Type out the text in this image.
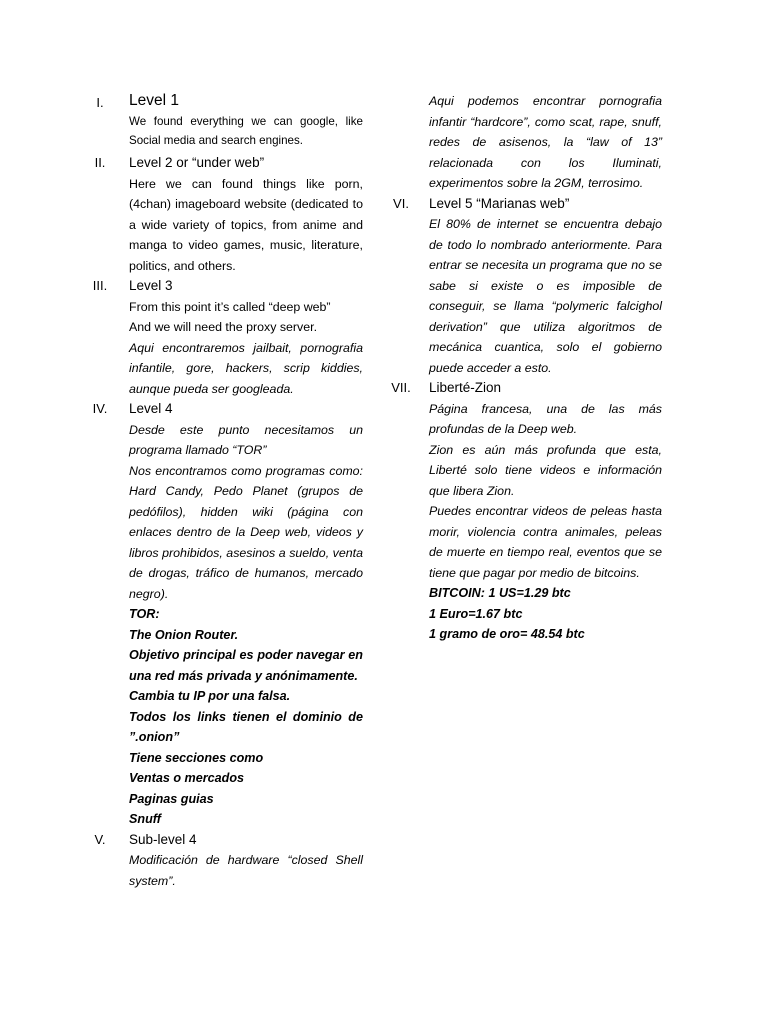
I.	Level 1

We found everything we can google, like Social media and search engines.

II.	Level 2 or “under web”

Here we can found things like porn, (4chan) imageboard website (dedicated to a wide variety of topics, from anime and manga to video games, music, literature, politics, and others.

III.	Level 3

From this point it’s called “deep web”

And we will need the proxy server.

Aqui encontraremos jailbait, pornografia infantile, gore, hackers, scrip kiddies, aunque pueda ser googleada.

IV.	Level 4

Desde este punto necesitamos un programa llamado “TOR”

Nos encontramos como programas como: Hard Candy, Pedo Planet (grupos de pedófilos), hidden wiki (página con enlaces dentro de la Deep web, videos y libros prohibidos, asesinos a sueldo, venta de drogas, tráfico de humanos, mercado negro).

TOR:

The Onion Router.

Objetivo principal es poder navegar en una red más privada y anónimamente.

Cambia tu IP por una falsa.

Todos los links tienen el dominio de ”.onion”

Tiene secciones como

Ventas o mercados

Paginas guias

Snuff

V.	Sub-level 4

Modificación de hardware “closed Shell system”.

Aqui podemos encontrar pornografia infantir “hardcore”, como scat, rape, snuff, redes de asisenos, la “law of 13” relacionada con los Iluminati, experimentos sobre la 2GM, terrosimo.

VI.	Level 5 “Marianas web”

El 80% de internet se encuentra debajo de todo lo nombrado anteriormente. Para entrar se necesita un programa que no se sabe si existe o es imposible de conseguir, se llama “polymeric falcighol derivation” que utiliza algoritmos de mecánica cuantica, solo el gobierno puede acceder a esto.

VII.	Liberté-Zion

Página francesa, una de las más profundas de la Deep web.

Zion es aún más profunda que esta, Liberté solo tiene videos e información que libera Zion.

Puedes encontrar videos de peleas hasta morir, violencia contra animales, peleas de muerte en tiempo real, eventos que se tiene que pagar por medio de bitcoins.

BITCOIN: 1 US=1.29 btc

1 Euro=1.67 btc

1 gramo de oro= 48.54 btc
